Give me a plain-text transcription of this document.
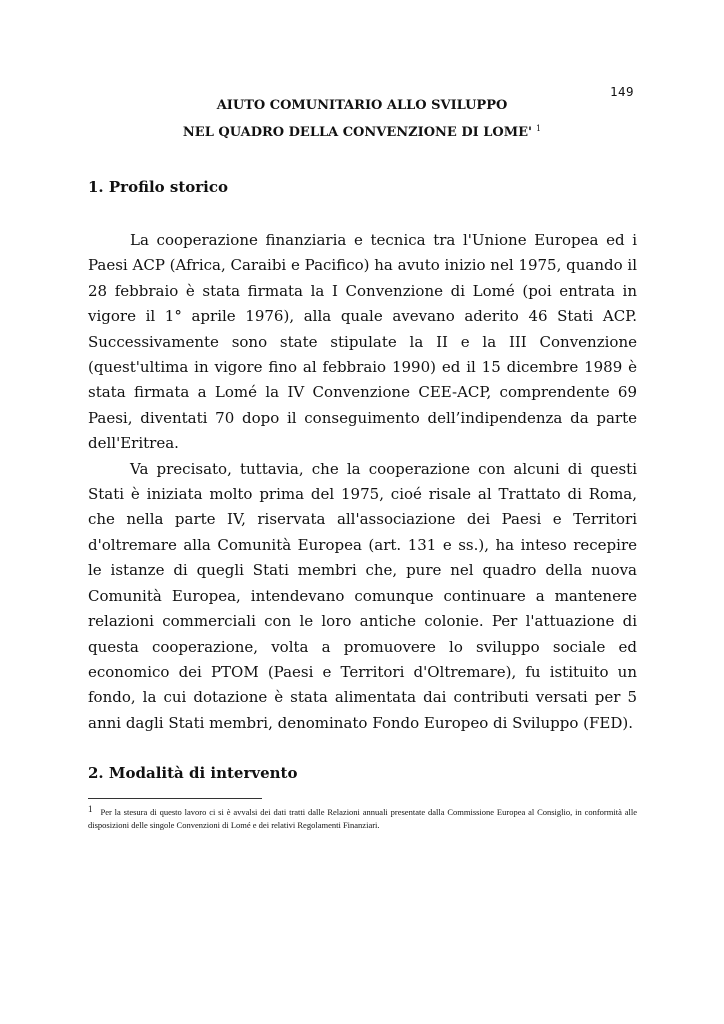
149
AIUTO COMUNITARIO ALLO SVILUPPO
NEL QUADRO DELLA CONVENZIONE DI LOME' $^1$
1. Profilo storico

La cooperazione finanziaria e tecnica tra l'Unione Europea ed i Paesi ACP (Africa, Caraibi e Pacifico) ha avuto inizio nel 1975, quando il 28 febbraio è stata firmata la I Convenzione di Lomé (poi entrata in vigore il 1° aprile 1976), alla quale avevano aderito 46 Stati ACP. Successivamente sono state stipulate la II e la III Convenzione (quest'ultima in vigore fino al febbraio 1990) ed il 15 dicembre 1989 è stata firmata a Lomé la IV Convenzione CEE-ACP, comprendente 69 Paesi, diventati 70 dopo il conseguimento dell’indipendenza da parte dell'Eritrea.

Va precisato, tuttavia, che la cooperazione con alcuni di questi Stati è iniziata molto prima del 1975, cioé risale al Trattato di Roma, che nella parte IV, riservata all'associazione dei Paesi e Territori d'oltremare alla Comunità Europea (art. 131 e ss.), ha inteso recepire le istanze di quegli Stati membri che, pure nel quadro della nuova Comunità Europea, intendevano comunque continuare a mantenere relazioni commerciali con le loro antiche colonie. Per l'attuazione di questa cooperazione, volta a promuovere lo sviluppo sociale ed economico dei PTOM (Paesi e Territori d'Oltremare), fu istituito un fondo, la cui dotazione è stata alimentata dai contributi versati per 5 anni dagli Stati membri, denominato Fondo Europeo di Sviluppo (FED).

2. Modalità di intervento
1 Per la stesura di questo lavoro ci si è avvalsi dei dati tratti dalle Relazioni annuali presentate dalla Commissione Europea al Consiglio, in conformità alle disposizioni delle singole Convenzioni di Lomé e dei relativi Regolamenti Finanziari.
